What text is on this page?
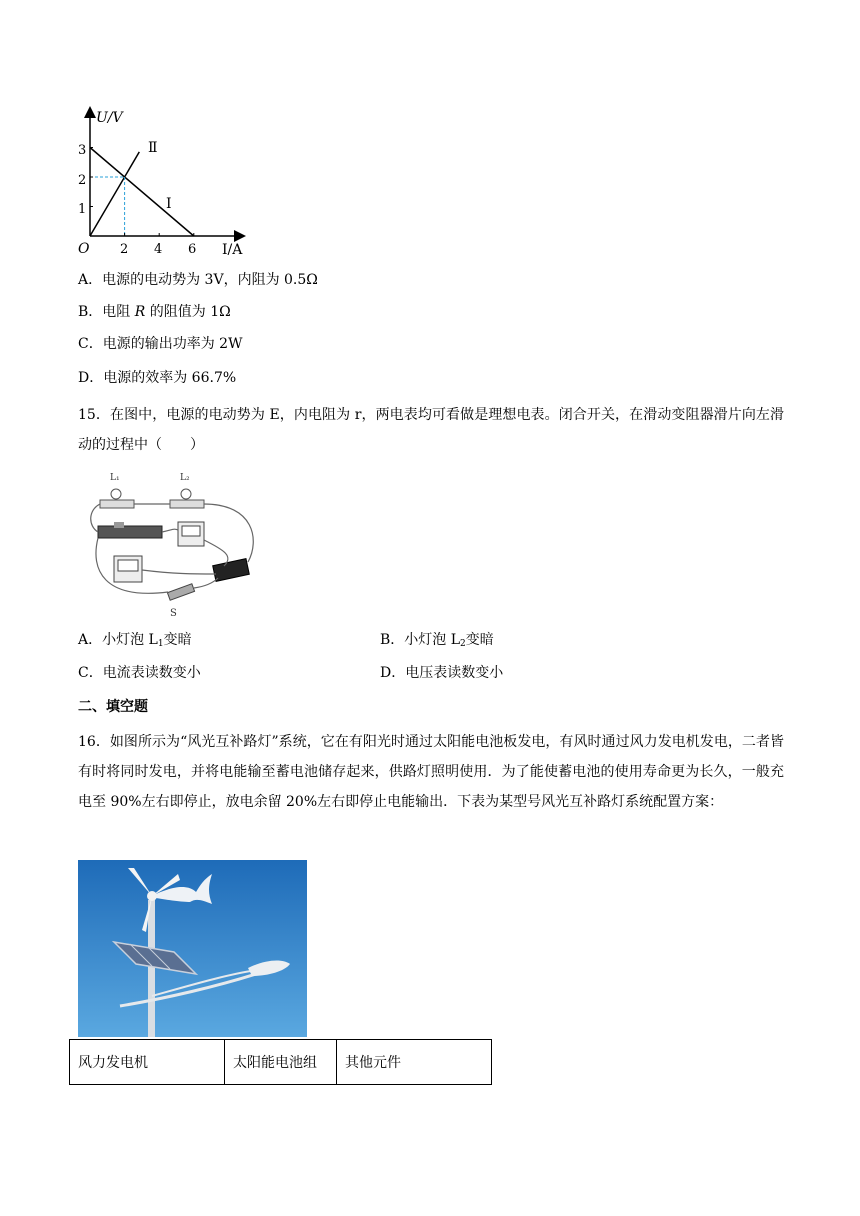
U/V
I/A
O
1
2
3
2 4 6
Ⅰ
Ⅱ
A．电源的电动势为 3V，内阻为 0.5Ω
B．电阻 R 的阻值为 1Ω
C．电源的输出功率为 2W
D．电源的效率为 66.7%
15．在图中，电源的电动势为 E，内电阻为 r，两电表均可看做是理想电表。闭合开关，在滑动变阻器滑片向左滑动的过程中（　　）
L₁	L₂
S
A．小灯泡 $L_1$变暗	B．小灯泡 $L_2$变暗
C．电流表读数变小	D．电压表读数变小
二、填空题
16．如图所示为“风光互补路灯”系统，它在有阳光时通过太阳能电池板发电，有风时通过风力发电机发电，二者皆有时将同时发电，并将电能输至蓄电池储存起来，供路灯照明使用．为了能使蓄电池的使用寿命更为长久，一般充电至 90%左右即停止，放电余留 20%左右即停止电能输出．下表为某型号风光互补路灯系统配置方案：
风力发电机	太阳能电池组	其他元件
